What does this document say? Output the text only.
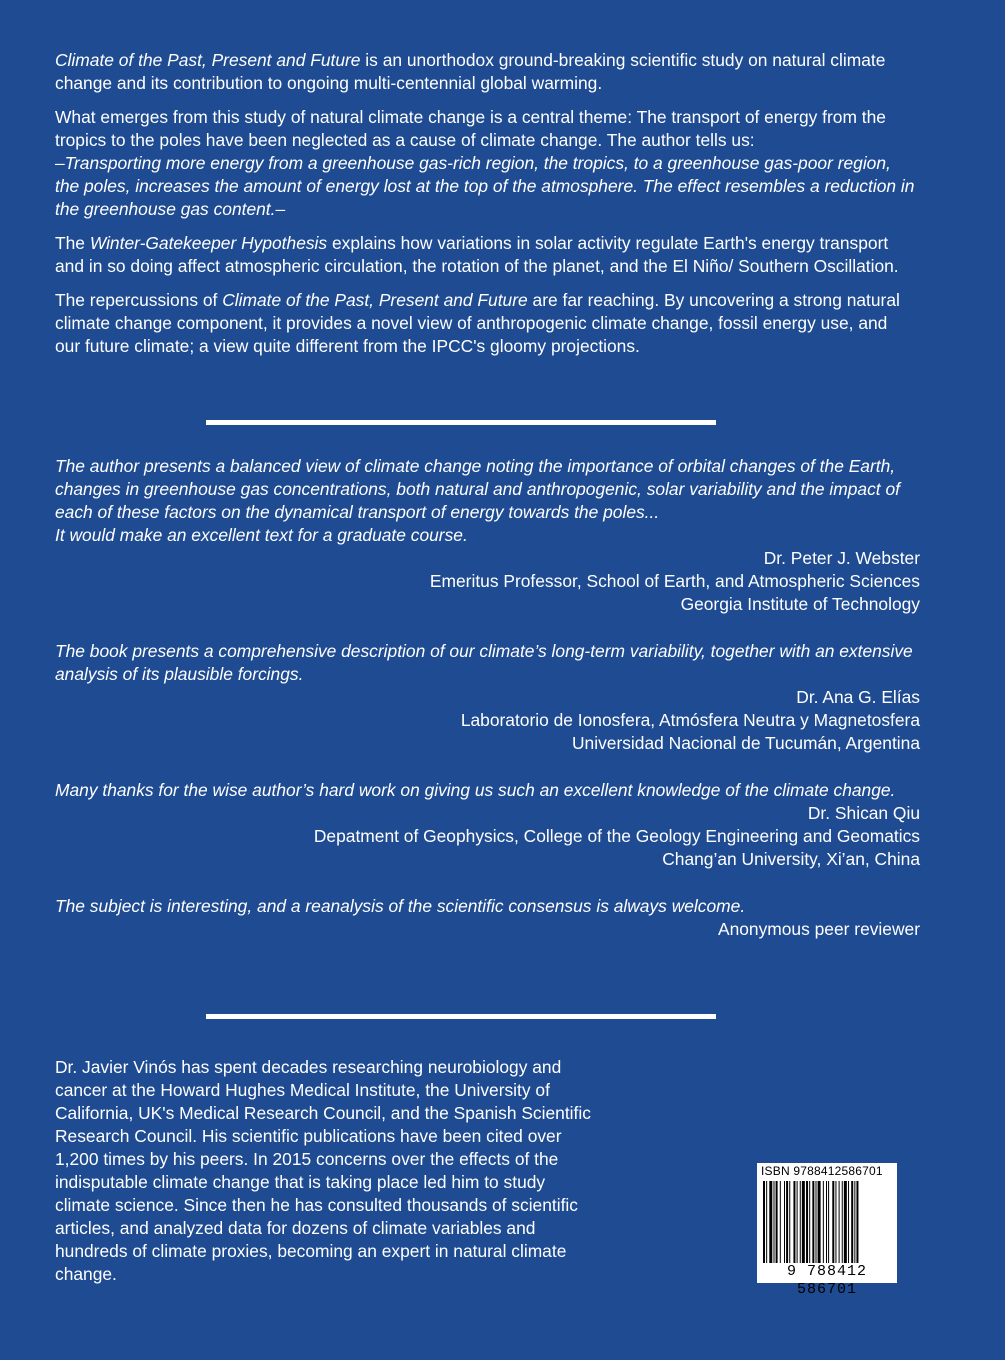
Climate of the Past, Present and Future is an unorthodox ground-breaking scientific study on natural climate change and its contribution to ongoing multi-centennial global warming.

What emerges from this study of natural climate change is a central theme: The transport of energy from the tropics to the poles have been neglected as a cause of climate change. The author tells us:
–Transporting more energy from a greenhouse gas-rich region, the tropics, to a greenhouse gas-poor region, the poles, increases the amount of energy lost at the top of the atmosphere. The effect resembles a reduction in the greenhouse gas content.–

The Winter-Gatekeeper Hypothesis explains how variations in solar activity regulate Earth's energy transport and in so doing affect atmospheric circulation, the rotation of the planet, and the El Niño/ Southern Oscillation.

The repercussions of Climate of the Past, Present and Future are far reaching. By uncovering a strong natural climate change component, it provides a novel view of anthropogenic climate change, fossil energy use, and our future climate; a view quite different from the IPCC's gloomy projections.

The author presents a balanced view of climate change noting the importance of orbital changes of the Earth, changes in greenhouse gas concentrations, both natural and anthropogenic, solar variability and the impact of each of these factors on the dynamical transport of energy towards the poles...

It would make an excellent text for a graduate course.

Dr. Peter J. Webster

Emeritus Professor, School of Earth, and Atmospheric Sciences

Georgia Institute of Technology

The book presents a comprehensive description of our climate’s long-term variability, together with an extensive analysis of its plausible forcings.

Dr. Ana G. Elías

Laboratorio de Ionosfera, Atmósfera Neutra y Magnetosfera

Universidad Nacional de Tucumán, Argentina

Many thanks for the wise author’s hard work on giving us such an excellent knowledge of the climate change.

Dr. Shican Qiu

Depatment of Geophysics, College of the Geology Engineering and Geomatics

Chang’an University, Xi’an, China

The subject is interesting, and a reanalysis of the scientific consensus is always welcome.

Anonymous peer reviewer

Dr. Javier Vinós has spent decades researching neurobiology and cancer at the Howard Hughes Medical Institute, the University of California, UK's Medical Research Council, and the Spanish Scientific Research Council. His scientific publications have been cited over 1,200 times by his peers. In 2015 concerns over the effects of the indisputable climate change that is taking place led him to study climate science. Since then he has consulted thousands of scientific articles, and analyzed data for dozens of climate variables and hundreds of climate proxies, becoming an expert in natural climate change.

ISBN 9788412586701
9 788412 586701
